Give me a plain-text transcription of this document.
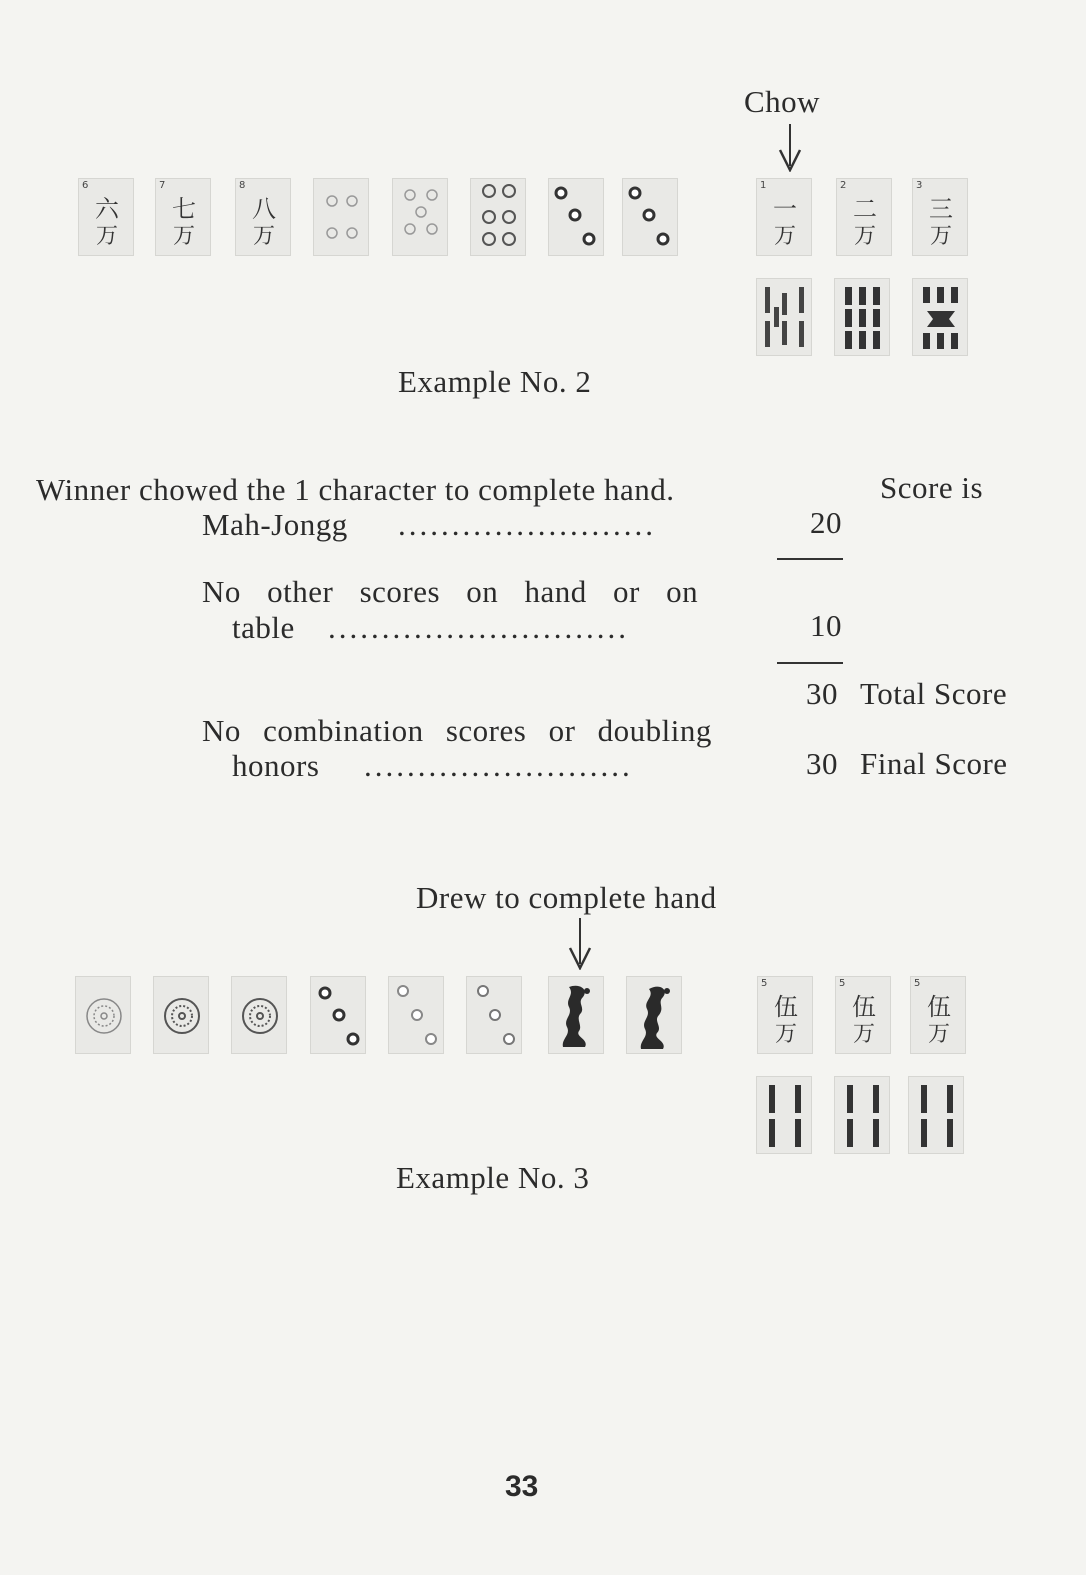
Chow
6
六
万
7
七
万
8
八
万
1
一
万
2
二
万
3
三
万
Example No. 2
Winner chowed the 1 character to complete hand.	Score is
Mah-Jongg ........................	20
No other scores on hand or on
table ............................	10
30 Total Score
No combination scores or doubling
honors .........................	30 Final Score
Drew to complete hand
5
伍
万
5
伍
万
5
伍
万
Example No. 3
33
